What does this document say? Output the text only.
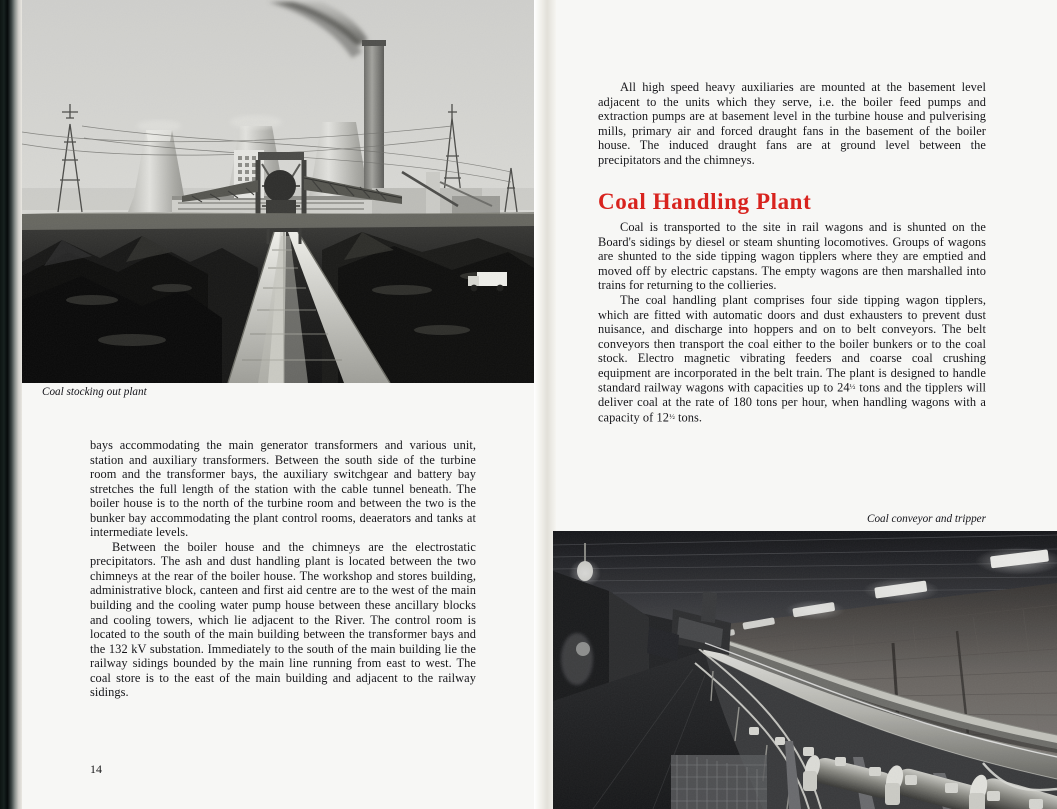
Coal stocking out plant

bays accommodating the main generator transformers and various unit, station and auxiliary transformers. Between the south side of the turbine room and the transformer bays, the auxiliary switchgear and battery bay stretches the full length of the station with the cable tunnel beneath. The boiler house is to the north of the turbine room and between the two is the bunker bay accommodating the plant control rooms, deaerators and tanks at intermediate levels.

Between the boiler house and the chimneys are the electrostatic precipitators. The ash and dust handling plant is located between the two chimneys at the rear of the boiler house. The workshop and stores building, administrative block, canteen and first aid centre are to the west of the main building and the cooling water pump house between these ancillary blocks and cooling towers, which lie adjacent to the River. The control room is located to the south of the main building between the transformer bays and the 132 kV substation. Immediately to the south of the main building lie the railway sidings bounded by the main line running from east to west. The coal store is to the east of the main building and adjacent to the railway sidings.

14

All high speed heavy auxiliaries are mounted at the basement level adjacent to the units which they serve, i.e. the boiler feed pumps and extraction pumps are at basement level in the turbine house and pulverising mills, primary air and forced draught fans in the basement of the boiler house. The induced draught fans are at ground level between the precipitators and the chimneys.

Coal Handling Plant

Coal is transported to the site in rail wagons and is shunted on the Board's sidings by diesel or steam shunting locomotives. Groups of wagons are shunted to the side tipping wagon tipplers where they are emptied and moved off by electric capstans. The empty wagons are then marshalled into trains for returning to the collieries.

The coal handling plant comprises four side tipping wagon tipplers, which are fitted with automatic doors and dust exhausters to prevent dust nuisance, and discharge into hoppers and on to belt conveyors. The belt conveyors then transport the coal either to the boiler bunkers or to the coal stock. Electro magnetic vibrating feeders and coarse coal crushing equipment are incorporated in the belt train. The plant is designed to handle standard railway wagons with capacities up to 24½ tons and the tipplers will deliver coal at the rate of 180 tons per hour, when handling wagons with a capacity of 12½ tons.

Coal conveyor and tripper
